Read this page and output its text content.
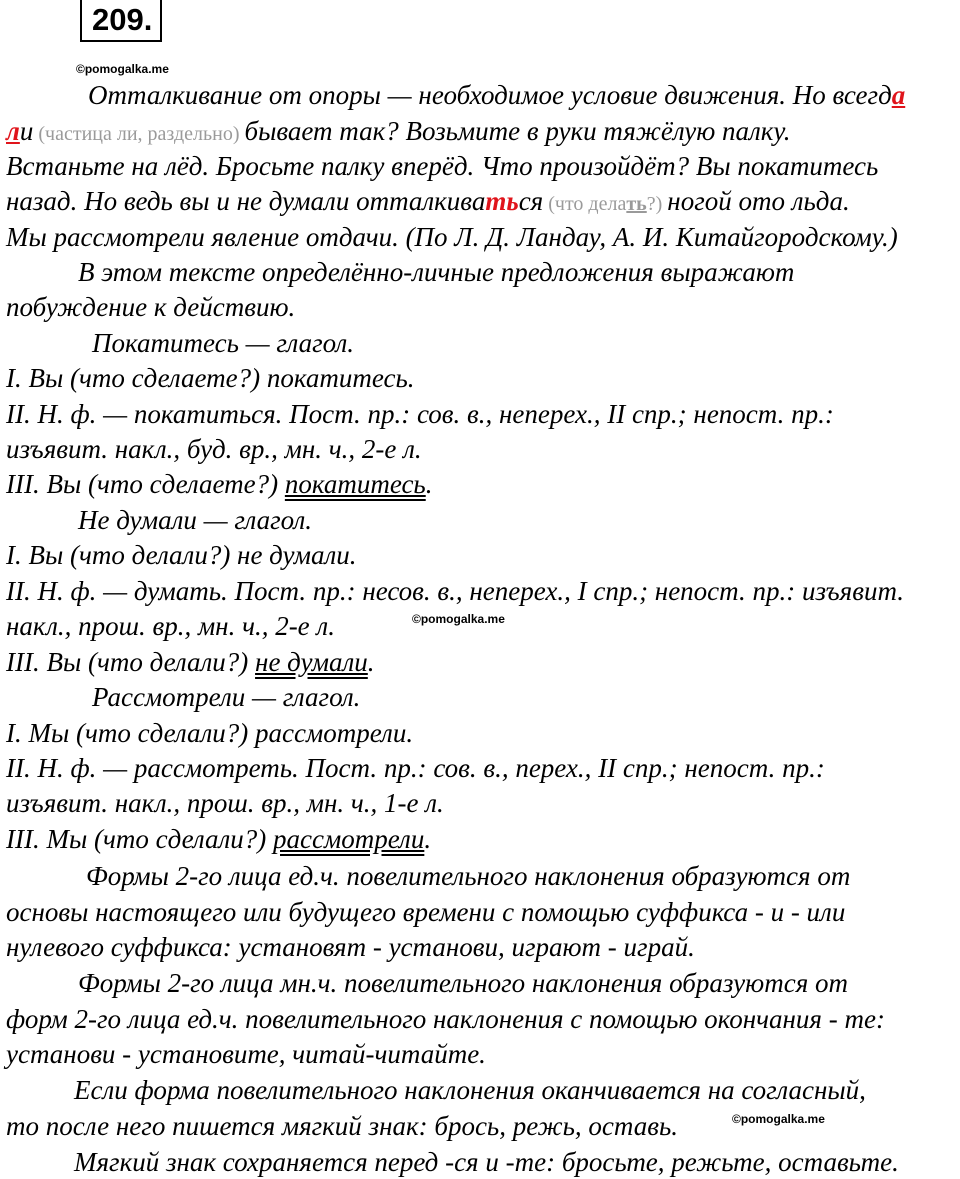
209.
©pomogalka.me
©pomogalka.me
©pomogalka.me
Отталкивание от опоры — необходимое условие движения. Но всегда
ли (частица ли, раздельно) бывает так? Возьмите в руки тяжёлую палку.
Встаньте на лёд. Бросьте палку вперёд. Что произойдёт? Вы покатитесь
назад. Но ведь вы и не думали отталкиваться (что делать?) ногой ото льда.
Мы рассмотрели явление отдачи. (По Л. Д. Ландау, А. И. Китайгородскому.)
В этом тексте определённо-личные предложения выражают
побуждение к действию.
Покатитесь — глагол.
I. Вы (что сделаете?) покатитесь.
II. Н. ф. — покатиться. Пост. пр.: сов. в., неперех., II спр.; непост. пр.:
изъявит. накл., буд. вр., мн. ч., 2-е л.
III. Вы (что сделаете?) покатитесь.
Не думали — глагол.
I. Вы (что делали?) не думали.
II. Н. ф. — думать. Пост. пр.: несов. в., неперех., I спр.; непост. пр.: изъявит.
накл., прош. вр., мн. ч., 2-е л.
III. Вы (что делали?) не думали.
Рассмотрели — глагол.
I. Мы (что сделали?) рассмотрели.
II. Н. ф. — рассмотреть. Пост. пр.: сов. в., перех., II спр.; непост. пр.:
изъявит. накл., прош. вр., мн. ч., 1-е л.
III. Мы (что сделали?) рассмотрели.
Формы 2-го лица ед.ч. повелительного наклонения образуются от
основы настоящего или будущего времени с помощью суффикса - и - или
нулевого суффикса: установят - установи, играют - играй.
Формы 2-го лица мн.ч. повелительного наклонения образуются от
форм 2-го лица ед.ч. повелительного наклонения с помощью окончания - те:
установи - установите, читай-читайте.
Если форма повелительного наклонения оканчивается на согласный,
то после него пишется мягкий знак: брось, режь, оставь.
Мягкий знак сохраняется перед -ся и -те: бросьте, режьте, оставьте.
